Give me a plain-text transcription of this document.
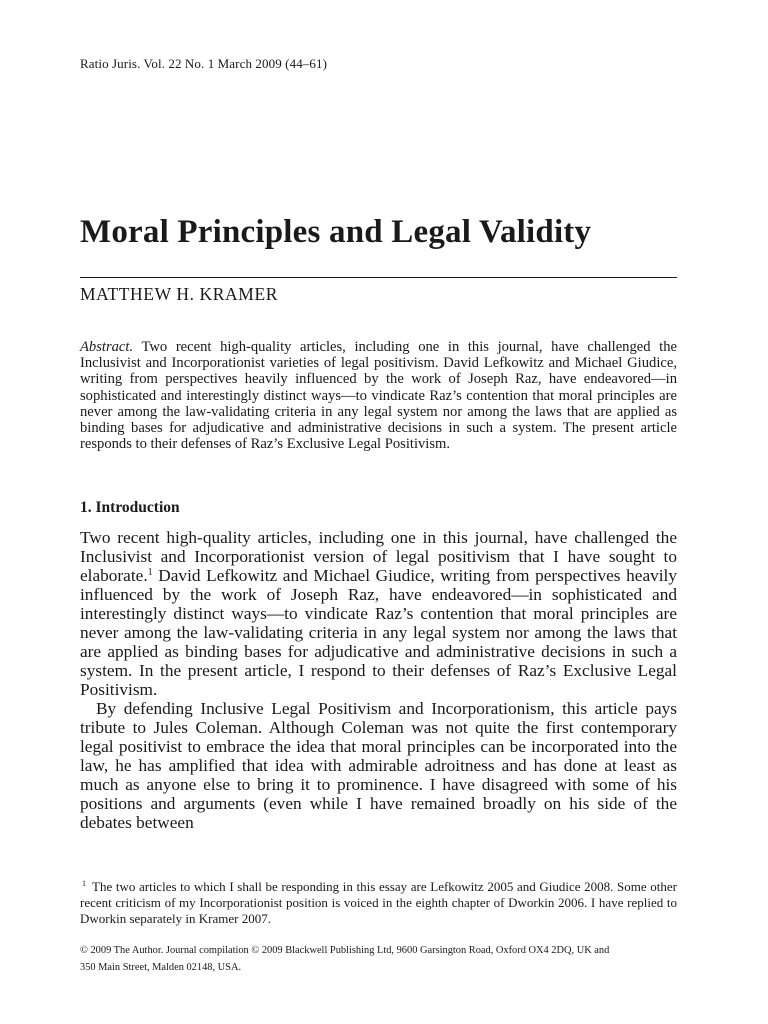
Ratio Juris. Vol. 22 No. 1 March 2009 (44–61)
Moral Principles and Legal Validity
MATTHEW H. KRAMER

Abstract. Two recent high-quality articles, including one in this journal, have challenged the Inclusivist and Incorporationist varieties of legal positivism. David Lefkowitz and Michael Giudice, writing from perspectives heavily influenced by the work of Joseph Raz, have endeavored—in sophisticated and interestingly distinct ways—to vindicate Raz’s contention that moral principles are never among the law-validating criteria in any legal system nor among the laws that are applied as binding bases for adjudicative and administrative decisions in such a system. The present article responds to their defenses of Raz’s Exclusive Legal Positivism.

1. Introduction

Two recent high-quality articles, including one in this journal, have challenged the Inclusivist and Incorporationist version of legal positivism that I have sought to elaborate.$^1$ David Lefkowitz and Michael Giudice, writing from perspectives heavily influenced by the work of Joseph Raz, have endeavored—in sophisticated and interestingly distinct ways—to vindicate Raz’s contention that moral principles are never among the law-validating criteria in any legal system nor among the laws that are applied as binding bases for adjudicative and administrative decisions in such a system. In the present article, I respond to their defenses of Raz’s Exclusive Legal Positivism.

By defending Inclusive Legal Positivism and Incorporationism, this article pays tribute to Jules Coleman. Although Coleman was not quite the first contemporary legal positivist to embrace the idea that moral principles can be incorporated into the law, he has amplified that idea with admirable adroitness and has done at least as much as anyone else to bring it to prominence. I have disagreed with some of his positions and arguments (even while I have remained broadly on his side of the debates between

$^1$ The two articles to which I shall be responding in this essay are Lefkowitz 2005 and Giudice 2008. Some other recent criticism of my Incorporationist position is voiced in the eighth chapter of Dworkin 2006. I have replied to Dworkin separately in Kramer 2007.

© 2009 The Author. Journal compilation © 2009 Blackwell Publishing Ltd, 9600 Garsington Road, Oxford OX4 2DQ, UK and
350 Main Street, Malden 02148, USA.
